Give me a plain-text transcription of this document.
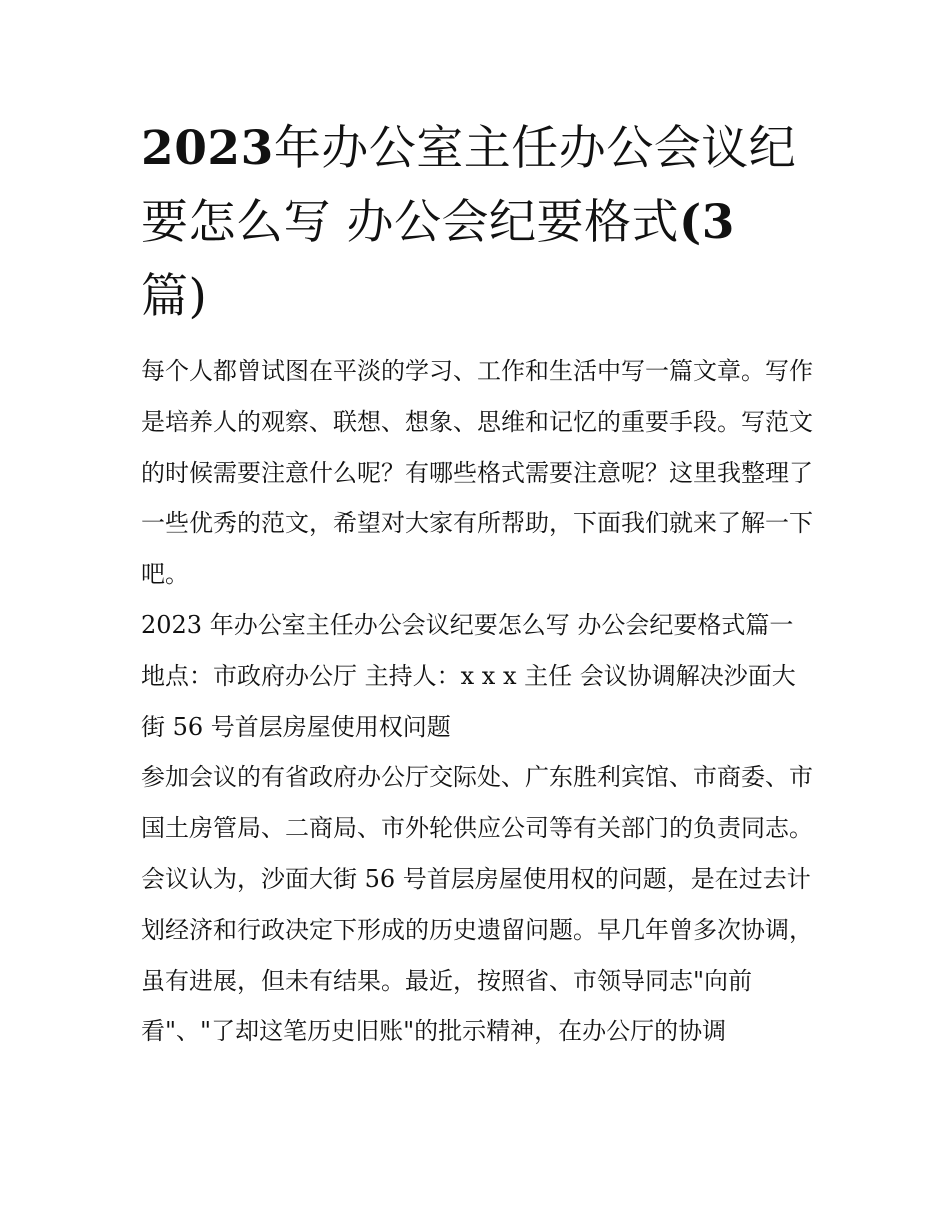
2023年办公室主任办公会议纪要怎么写 办公会纪要格式(3
篇)

每个人都曾试图在平淡的学习、工作和生活中写一篇文章。写作是培养人的观察、联想、想象、思维和记忆的重要手段。写范文的时候需要注意什么呢？有哪些格式需要注意呢？这里我整理了一些优秀的范文，希望对大家有所帮助，下面我们就来了解一下吧。

2023 年办公室主任办公会议纪要怎么写 办公会纪要格式篇一

地点：市政府办公厅 主持人：x x x 主任 会议协调解决沙面大街 56 号首层房屋使用权问题

参加会议的有省政府办公厅交际处、广东胜利宾馆、市商委、市国土房管局、二商局、市外轮供应公司等有关部门的负责同志。

会议认为，沙面大街 56 号首层房屋使用权的问题，是在过去计划经济和行政决定下形成的历史遗留问题。早几年曾多次协调，虽有进展，但未有结果。最近，按照省、市领导同志"向前看"、"了却这笔历史旧账"的批示精神，在办公厅的协调
